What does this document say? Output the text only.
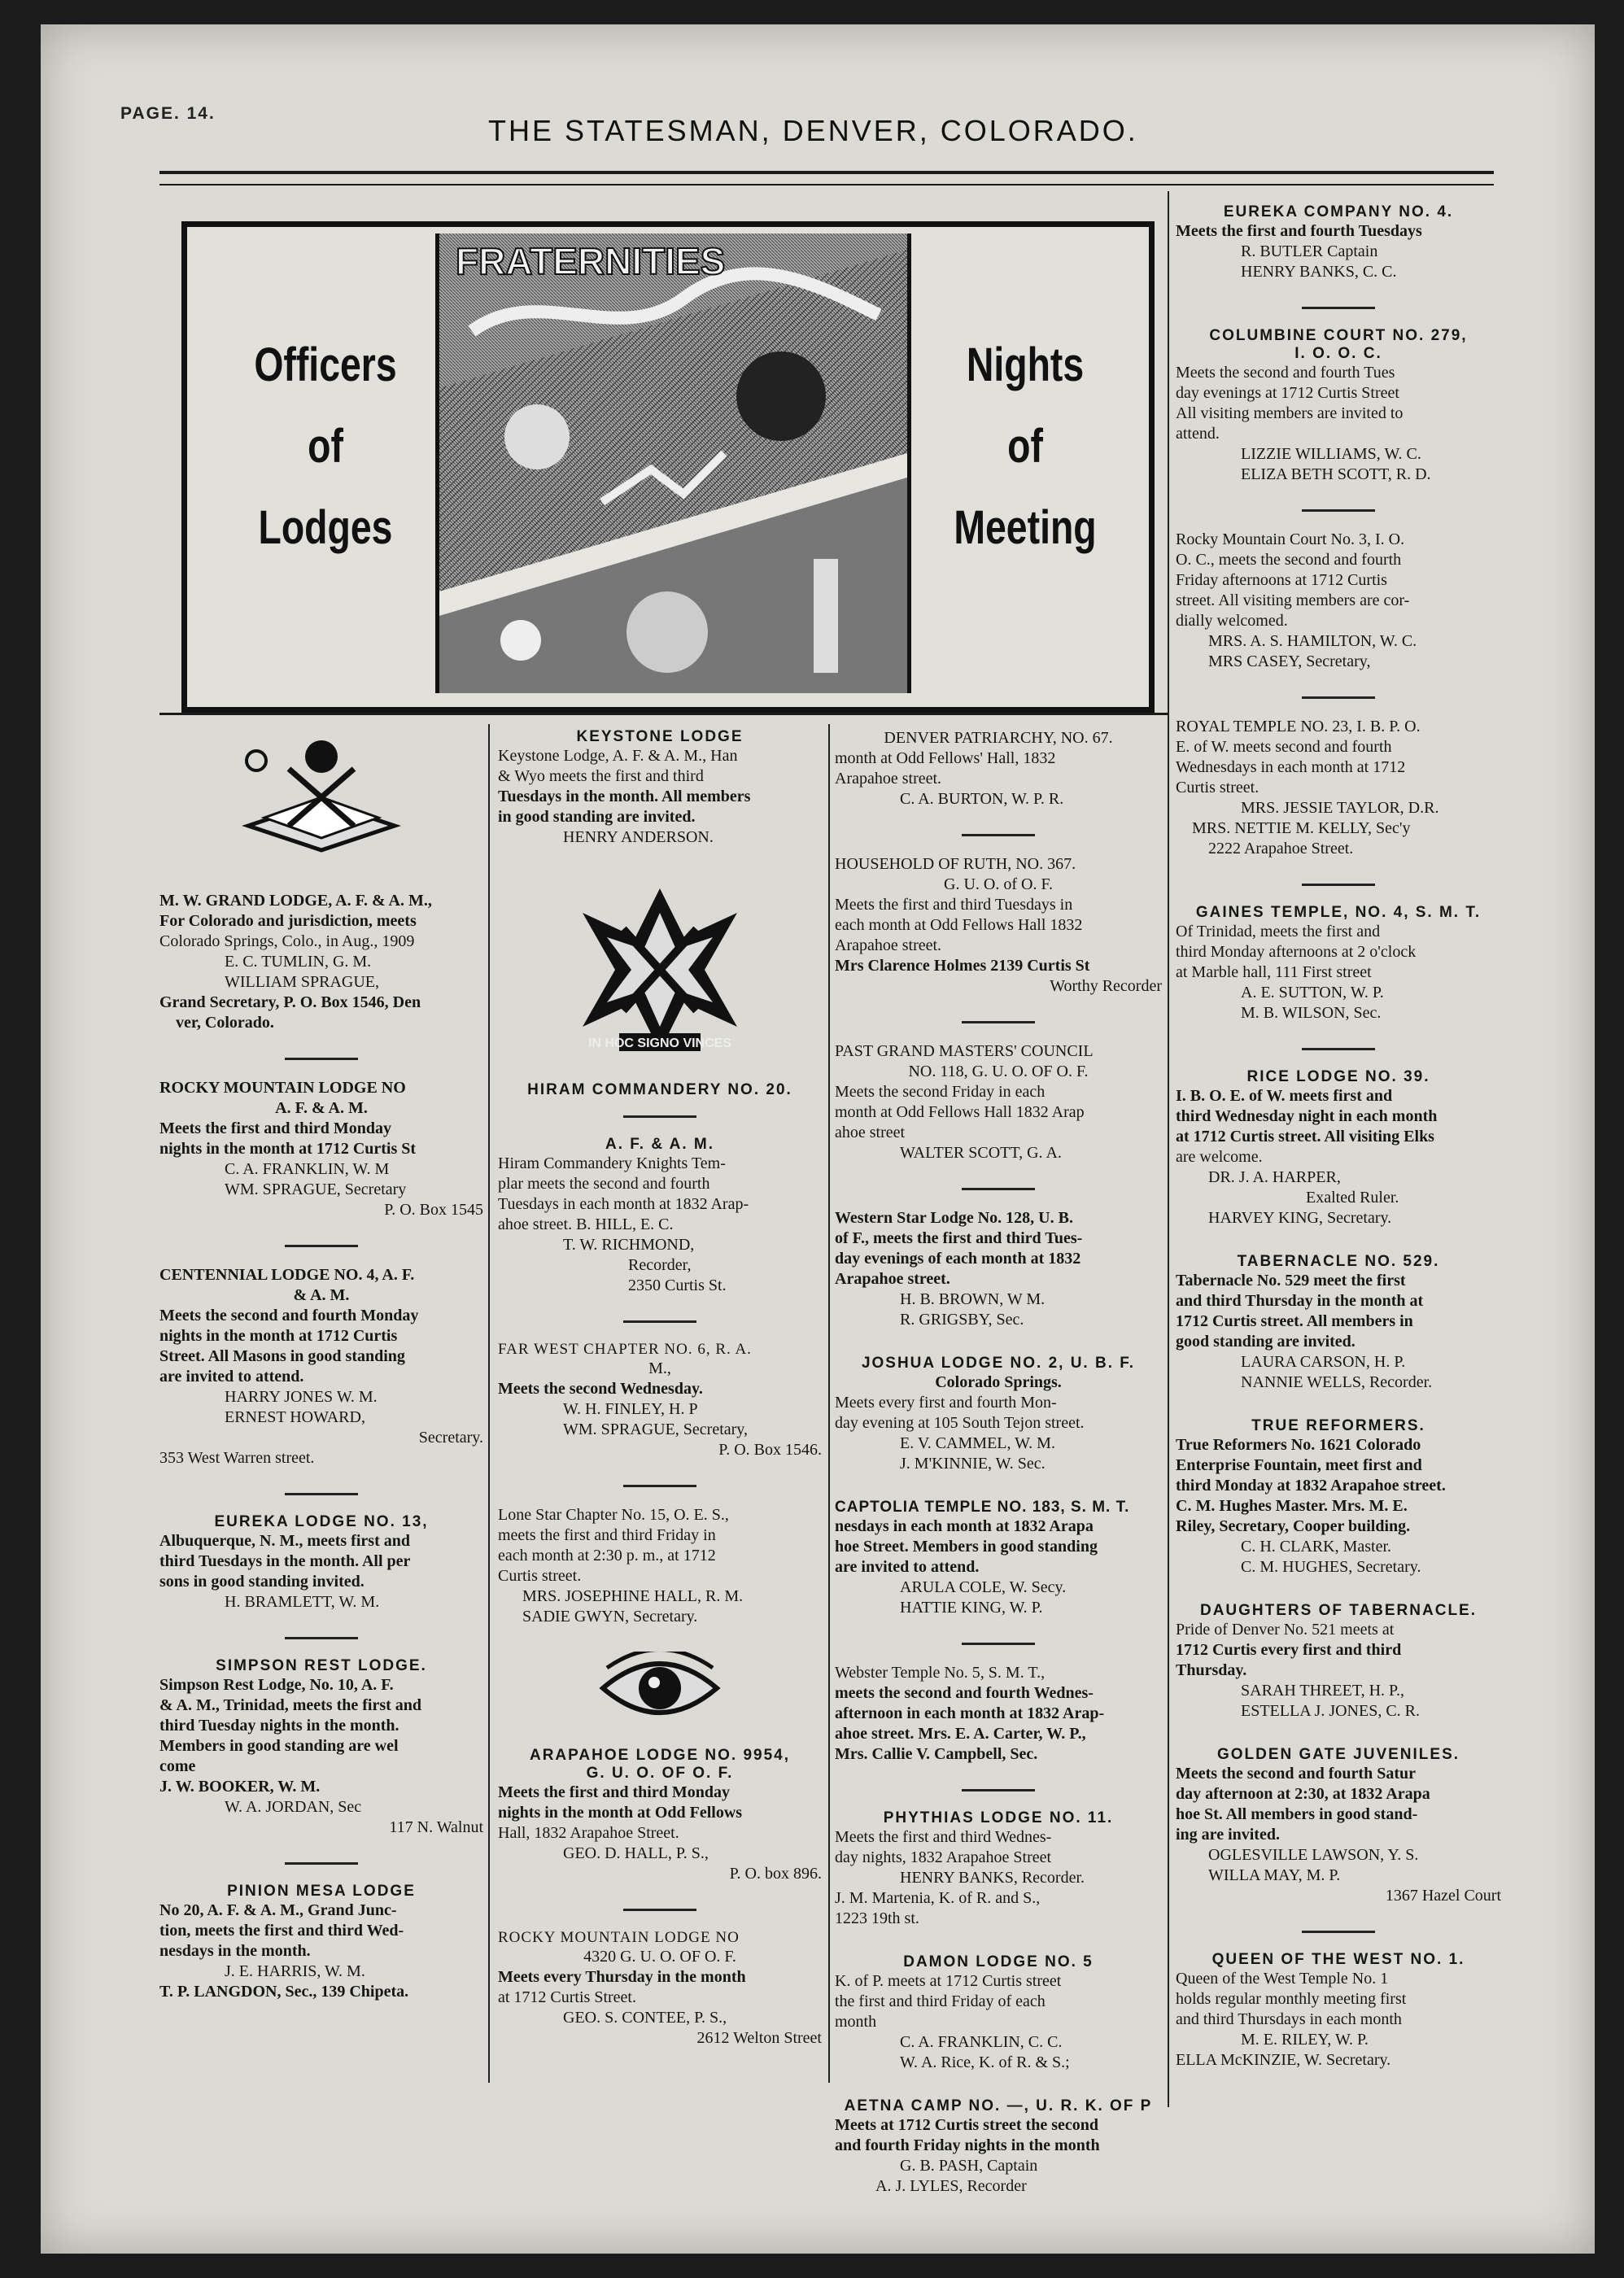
PAGE. 14.
THE STATESMAN, DENVER, COLORADO.
Officers
of
Lodges
FRATERNITIES
Nights
of
Meeting

M. W. GRAND LODGE, A. F. & A. M.,

For Colorado and jurisdiction, meets

Colorado Springs, Colo., in Aug., 1909

E. C. TUMLIN, G. M.

WILLIAM SPRAGUE,

Grand Secretary, P. O. Box 1546, Den

ver, Colorado.

ROCKY MOUNTAIN LODGE NO

A. F. & A. M.

Meets the first and third Monday

nights in the month at 1712 Curtis St

C. A. FRANKLIN, W. M

WM. SPRAGUE, Secretary

P. O. Box 1545

CENTENNIAL LODGE NO. 4, A. F.

& A. M.

Meets the second and fourth Monday

nights in the month at 1712 Curtis

Street. All Masons in good standing

are invited to attend.

HARRY JONES W. M.

ERNEST HOWARD,

Secretary.

353 West Warren street.

EUREKA LODGE NO. 13,

Albuquerque, N. M., meets first and

third Tuesdays in the month. All per

sons in good standing invited.

H. BRAMLETT, W. M.

SIMPSON REST LODGE.

Simpson Rest Lodge, No. 10, A. F.

& A. M., Trinidad, meets the first and

third Tuesday nights in the month.

Members in good standing are wel

come

J. W. BOOKER, W. M.

W. A. JORDAN, Sec

117 N. Walnut

PINION MESA LODGE

No 20, A. F. & A. M., Grand Junc-

tion, meets the first and third Wed-

nesdays in the month.

J. E. HARRIS, W. M.

T. P. LANGDON, Sec., 139 Chipeta.

KEYSTONE LODGE

Keystone Lodge, A. F. & A. M., Han

& Wyo meets the first and third

Tuesdays in the month. All members

in good standing are invited.

HENRY ANDERSON.

IN HOC SIGNO VINCES

HIRAM COMMANDERY NO. 20.

A. F. & A. M.

Hiram Commandery Knights Tem-

plar meets the second and fourth

Tuesdays in each month at 1832 Arap-

ahoe street. B. HILL, E. C.

T. W. RICHMOND,

Recorder,

2350 Curtis St.

FAR WEST CHAPTER NO. 6, R. A.

M.,

Meets the second Wednesday.

W. H. FINLEY, H. P

WM. SPRAGUE, Secretary,

P. O. Box 1546.

Lone Star Chapter No. 15, O. E. S.,

meets the first and third Friday in

each month at 2:30 p. m., at 1712

Curtis street.

MRS. JOSEPHINE HALL, R. M.

SADIE GWYN, Secretary.

ARAPAHOE LODGE NO. 9954,

G. U. O. OF O. F.

Meets the first and third Monday

nights in the month at Odd Fellows

Hall, 1832 Arapahoe Street.

GEO. D. HALL, P. S.,

P. O. box 896.

ROCKY MOUNTAIN LODGE NO

4320 G. U. O. OF O. F.

Meets every Thursday in the month

at 1712 Curtis Street.

GEO. S. CONTEE, P. S.,

2612 Welton Street

DENVER PATRIARCHY, NO. 67.

month at Odd Fellows' Hall, 1832

Arapahoe street.

C. A. BURTON, W. P. R.

HOUSEHOLD OF RUTH, NO. 367.

G. U. O. of O. F.

Meets the first and third Tuesdays in

each month at Odd Fellows Hall 1832

Arapahoe street.

Mrs Clarence Holmes 2139 Curtis St

Worthy Recorder

PAST GRAND MASTERS' COUNCIL

NO. 118, G. U. O. OF O. F.

Meets the second Friday in each

month at Odd Fellows Hall 1832 Arap

ahoe street

WALTER SCOTT, G. A.

Western Star Lodge No. 128, U. B.

of F., meets the first and third Tues-

day evenings of each month at 1832

Arapahoe street.

H. B. BROWN, W M.

R. GRIGSBY, Sec.

JOSHUA LODGE NO. 2, U. B. F.

Colorado Springs.

Meets every first and fourth Mon-

day evening at 105 South Tejon street.

E. V. CAMMEL, W. M.

J. M'KINNIE, W. Sec.

CAPTOLIA TEMPLE NO. 183, S. M. T.

nesdays in each month at 1832 Arapa

hoe Street. Members in good standing

are invited to attend.

ARULA COLE, W. Secy.

HATTIE KING, W. P.

Webster Temple No. 5, S. M. T.,

meets the second and fourth Wednes-

afternoon in each month at 1832 Arap-

ahoe street. Mrs. E. A. Carter, W. P.,

Mrs. Callie V. Campbell, Sec.

PHYTHIAS LODGE NO. 11.

Meets the first and third Wednes-

day nights, 1832 Arapahoe Street

HENRY BANKS, Recorder.

J. M. Martenia, K. of R. and S.,

1223 19th st.

DAMON LODGE NO. 5

K. of P. meets at 1712 Curtis street

the first and third Friday of each

month

C. A. FRANKLIN, C. C.

W. A. Rice, K. of R. & S.;

AETNA CAMP NO. —, U. R. K. OF P

Meets at 1712 Curtis street the second

and fourth Friday nights in the month

G. B. PASH, Captain

A. J. LYLES, Recorder

EUREKA COMPANY NO. 4.

Meets the first and fourth Tuesdays

R. BUTLER Captain

HENRY BANKS, C. C.

COLUMBINE COURT NO. 279,

I. O. O. C.

Meets the second and fourth Tues

day evenings at 1712 Curtis Street

All visiting members are invited to

attend.

LIZZIE WILLIAMS, W. C.

ELIZA BETH SCOTT, R. D.

Rocky Mountain Court No. 3, I. O.

O. C., meets the second and fourth

Friday afternoons at 1712 Curtis

street. All visiting members are cor-

dially welcomed.

MRS. A. S. HAMILTON, W. C.

MRS CASEY, Secretary,

ROYAL TEMPLE NO. 23, I. B. P. O.

E. of W. meets second and fourth

Wednesdays in each month at 1712

Curtis street.

MRS. JESSIE TAYLOR, D.R.

MRS. NETTIE M. KELLY, Sec'y

2222 Arapahoe Street.

GAINES TEMPLE, NO. 4, S. M. T.

Of Trinidad, meets the first and

third Monday afternoons at 2 o'clock

at Marble hall, 111 First street

A. E. SUTTON, W. P.

M. B. WILSON, Sec.

RICE LODGE NO. 39.

I. B. O. E. of W. meets first and

third Wednesday night in each month

at 1712 Curtis street. All visiting Elks

are welcome.

DR. J. A. HARPER,

Exalted Ruler.

HARVEY KING, Secretary.

TABERNACLE NO. 529.

Tabernacle No. 529 meet the first

and third Thursday in the month at

1712 Curtis street. All members in

good standing are invited.

LAURA CARSON, H. P.

NANNIE WELLS, Recorder.

TRUE REFORMERS.

True Reformers No. 1621 Colorado

Enterprise Fountain, meet first and

third Monday at 1832 Arapahoe street.

C. M. Hughes Master. Mrs. M. E.

Riley, Secretary, Cooper building.

C. H. CLARK, Master.

C. M. HUGHES, Secretary.

DAUGHTERS OF TABERNACLE.

Pride of Denver No. 521 meets at

1712 Curtis every first and third

Thursday.

SARAH THREET, H. P.,

ESTELLA J. JONES, C. R.

GOLDEN GATE JUVENILES.

Meets the second and fourth Satur

day afternoon at 2:30, at 1832 Arapa

hoe St. All members in good stand-

ing are invited.

OGLESVILLE LAWSON, Y. S.

WILLA MAY, M. P.

1367 Hazel Court

QUEEN OF THE WEST NO. 1.

Queen of the West Temple No. 1

holds regular monthly meeting first

and third Thursdays in each month

M. E. RILEY, W. P.

ELLA McKINZIE, W. Secretary.
